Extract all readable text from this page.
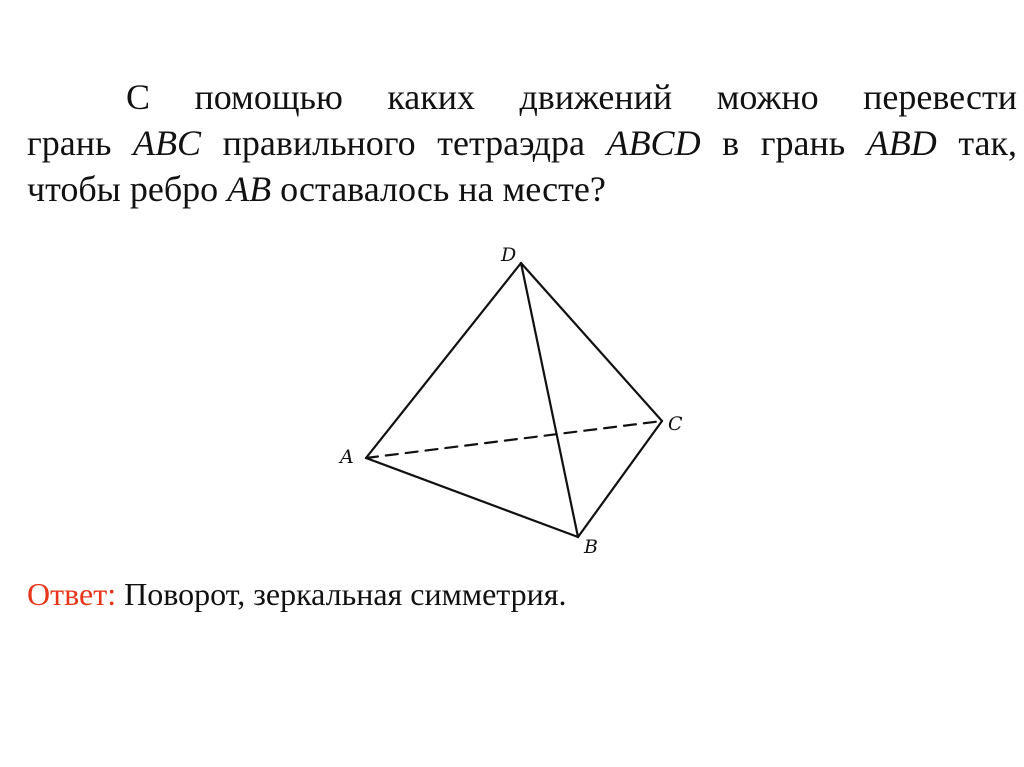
С помощью каких движений можно перевести
грань ABC правильного тетраэдра ABCD в грань ABD так,
чтобы ребро AB оставалось на месте?
D
C
A
B
Ответ: Поворот, зеркальная симметрия.
